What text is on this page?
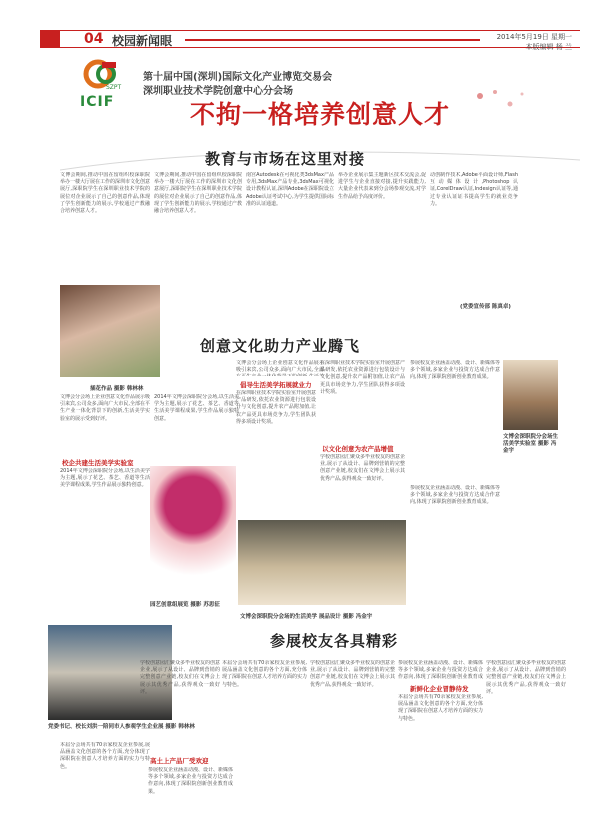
04 校园新闻眼	2014年5月19日 星期一
本版编辑 杨 兰
SZPT
ICIF
第十届中国(深圳)国际文化产业博览交易会
深圳职业技术学院创意中心分会场
不拘一格培养创意人才
教育与市场在这里对接
文博会期间,推动中国在留组织校深职院举办一楼大厅展在工作的深圳市文化创意展厅,深职院学生在深圳职业技术学院的展位对企业展示了自己的创意作品,体现了学生创新能力的展示,学校通过产教融合培养创意人才。
文博会期间,推动中国在留组织校深职院举办一楼大厅展在工作的深圳市文化创意展厅,深职院学生在深圳职业技术学院的展位对企业展示了自己的创意作品,体现了学生创新能力的展示,学校通过产教融合培养创意人才。
南宫Autodesk在可视化类3dsMax产品专用,3dsMax产品专业,3dsMax可视化设计教程认证,深圳Adobe在深职院设立Adobe认证考试中心,为学生提供国际标准的认证通道。
举办企业展示集主题新区技术交流会,促进学生与企业直接对接,提升实践能力,大量企业代表来到分会场参观交流,对学生作品给予高度评价。
动创制作技术,Adobe平面设计师,Flash互动媒体设计,Photoshop认证,CorelDraw认证,Indesign认证等,通过专业认证证书提高学生的就业竞争力。
(党委宣传部 陈真卓)
插花作品 摄影 韩林林
创意文化助力产业腾飞
文博会分会场上企业创意文化作品展示吸引来宾,公司众多,面向广大市民,全部在平生产业一体化背景下的创新,生活美学实验室的展示受到好评。
校企共建生活美学实验室
2014年文博会深职院分会场,以生活美学为主题,展示了花艺、茶艺、香道等生活美学课程成果,学生作品展示独特创意。
2014年文博会深职院分会场,以生活美学为主题,展示了花艺、茶艺、香道等生活美学课程成果,学生作品展示独特创意。
文博会分会场上企业创意文化作品展示吸引来宾,公司众多,面向广大市民,全部
倡导生活美学拓展就业力
在深圳职业技术学院实验室开展创意产品研发,依托农业资源进行包装设计与文化创意,提升农产品附加值,让农产品更具市场竞争力,学生团队获得多项设计奖项。
在深圳职业技术学院实验室开展创意产品研发,依托农业资源进行包装设计与文化创意,提升农产品附加值,让农产品更具市场竞争力,学生团队获得多项设计奖项。
以文化创意为农产品增值
学校创意园汇聚众多毕业校友的创意企业,展示了从设计、品牌到营销的完整创意产业链,校友们在文博会上展示其优秀产品,获得观众一致好评。
参展校友企业涵盖动漫、设计、新媒体等多个领域,多家企业与投资方达成合作意向,体现了深职院创新创业教育成果。
文博会深职院分会场生活美学实验室 摄影 冯金宇
园艺创意组展览 摄影 苏思征
文博会深职院分会场的生活美学 展品设计 摄影 冯金宇
参展校友企业涵盖动漫、设计、新媒体等多个领域,多家企业与投资方达成合作意向,体现了深职院创新创业教育成果。
参展校友各具精彩
党委书记、校长刘洪一陪同市人参观学生企业展 摄影 韩林林
本届分会场共有70余家校友企业参展,展品涵盖文化创意的各个方面,充分体现了深职院在创意人才培养方面的实力与特色。
学校创意园汇聚众多毕业校友的创意企业,展示了从设计、品牌到营销的完整创意产业链,校友们在文博会上展示其优秀产品,获得观众一致好评。
高土上产品厂受欢迎
参展校友企业涵盖动漫、设计、新媒体等多个领域,多家企业与投资方达成合作意向,体现了深职院创新创业教育成果。
本届分会场共有70余家校友企业参展,展品涵盖文化创意的各个方面,充分体现了深职院在创意人才培养方面的实力与特色。
学校创意园汇聚众多毕业校友的创意企业,展示了从设计、品牌到营销的完整创意产业链,校友们在文博会上展示其优秀产品,获得观众一致好评。
参展校友企业涵盖动漫、设计、新媒体等多个领域,多家企业与投资方达成合作意向,体现了深职院创新创业教育成
新鲜化企业冒静待发
本届分会场共有70余家校友企业参展,展品涵盖文化创意的各个方面,充分体现了深职院在创意人才培养方面的实力与特色。
学校创意园汇聚众多毕业校友的创意企业,展示了从设计、品牌到营销的完整创意产业链,校友们在文博会上展示其优秀产品,获得观众一致好评。
